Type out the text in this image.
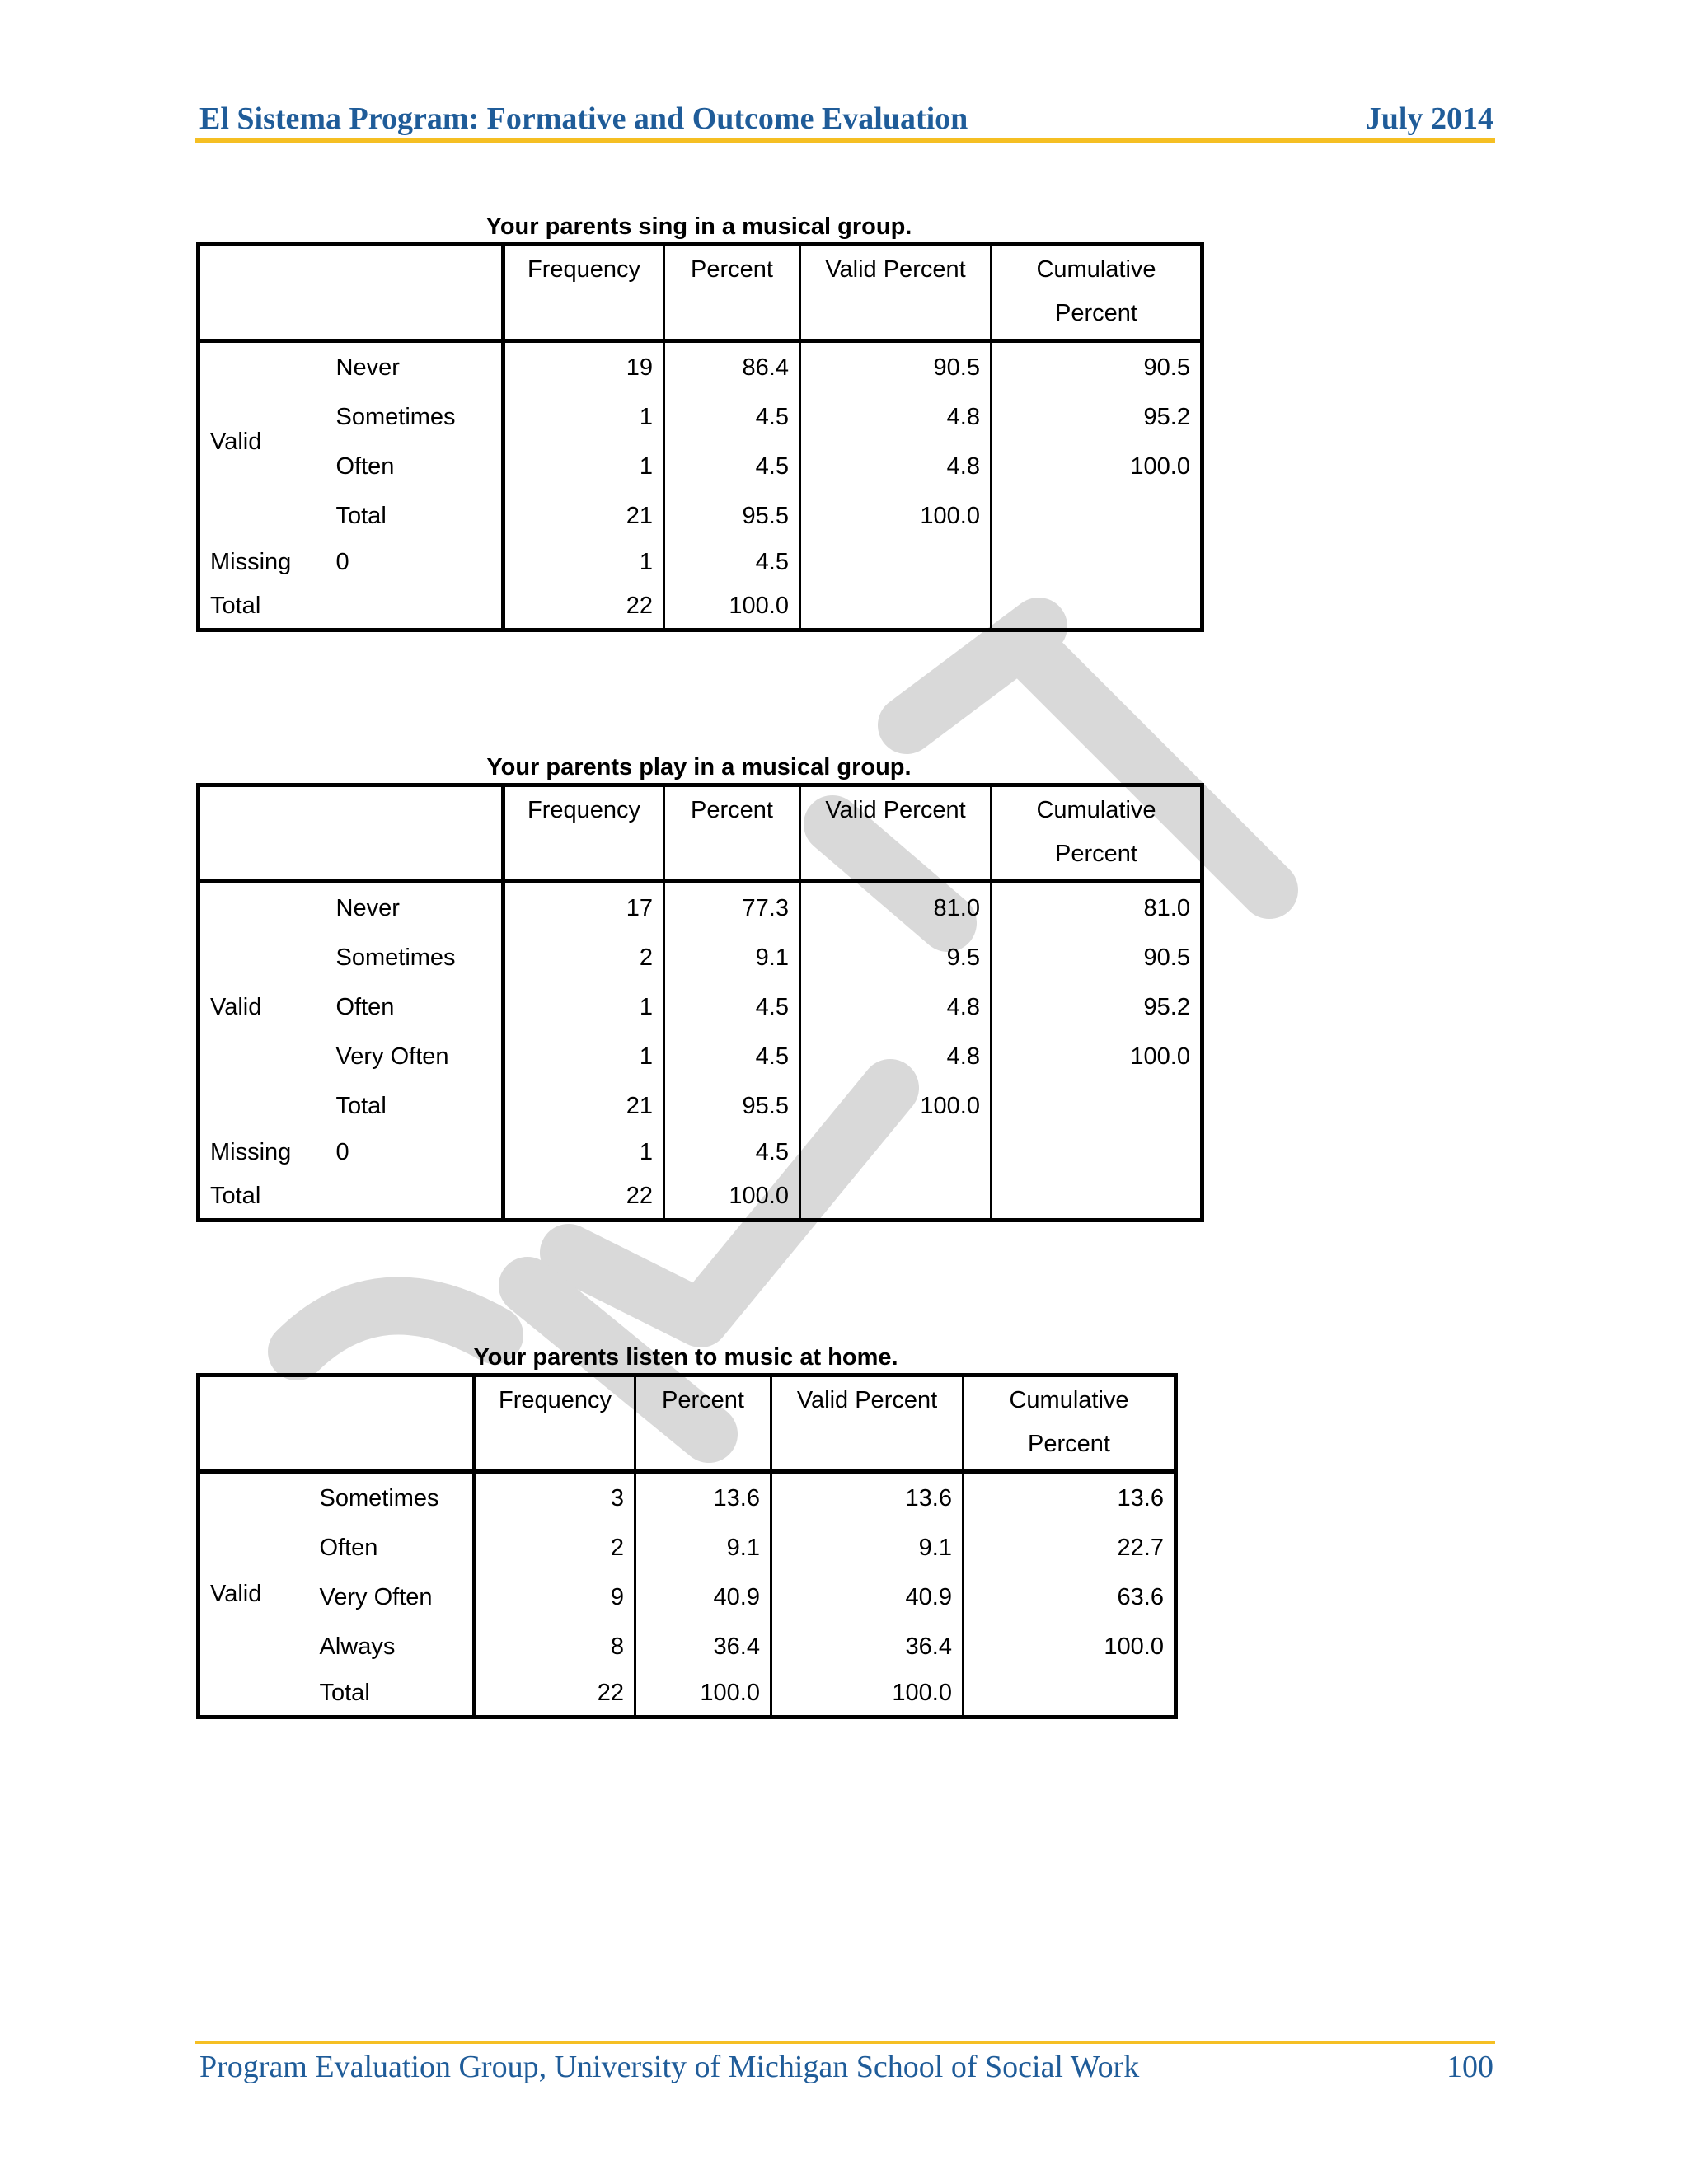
El Sistema Program: Formative and Outcome Evaluation	July 2014
Your parents sing in a musical group.
		Frequency	Percent	Valid Percent	Cumulative
Percent
Valid	Never	19	86.4	90.5	90.5
	Sometimes	1	4.5	4.8	95.2
	Often	1	4.5	4.8	100.0
	Total	21	95.5	100.0	
Missing	0	1	4.5		
Total		22	100.0		
Your parents play in a musical group.
		Frequency	Percent	Valid Percent	Cumulative
Percent
Valid	Never	17	77.3	81.0	81.0
	Sometimes	2	9.1	9.5	90.5
	Often	1	4.5	4.8	95.2
	Very Often	1	4.5	4.8	100.0
	Total	21	95.5	100.0	
Missing	0	1	4.5		
Total		22	100.0		
Your parents listen to music at home.
		Frequency	Percent	Valid Percent	Cumulative
Percent
Valid	Sometimes	3	13.6	13.6	13.6
	Often	2	9.1	9.1	22.7
	Very Often	9	40.9	40.9	63.6
	Always	8	36.4	36.4	100.0
	Total	22	100.0	100.0	
Program Evaluation Group, University of Michigan School of Social Work	100
